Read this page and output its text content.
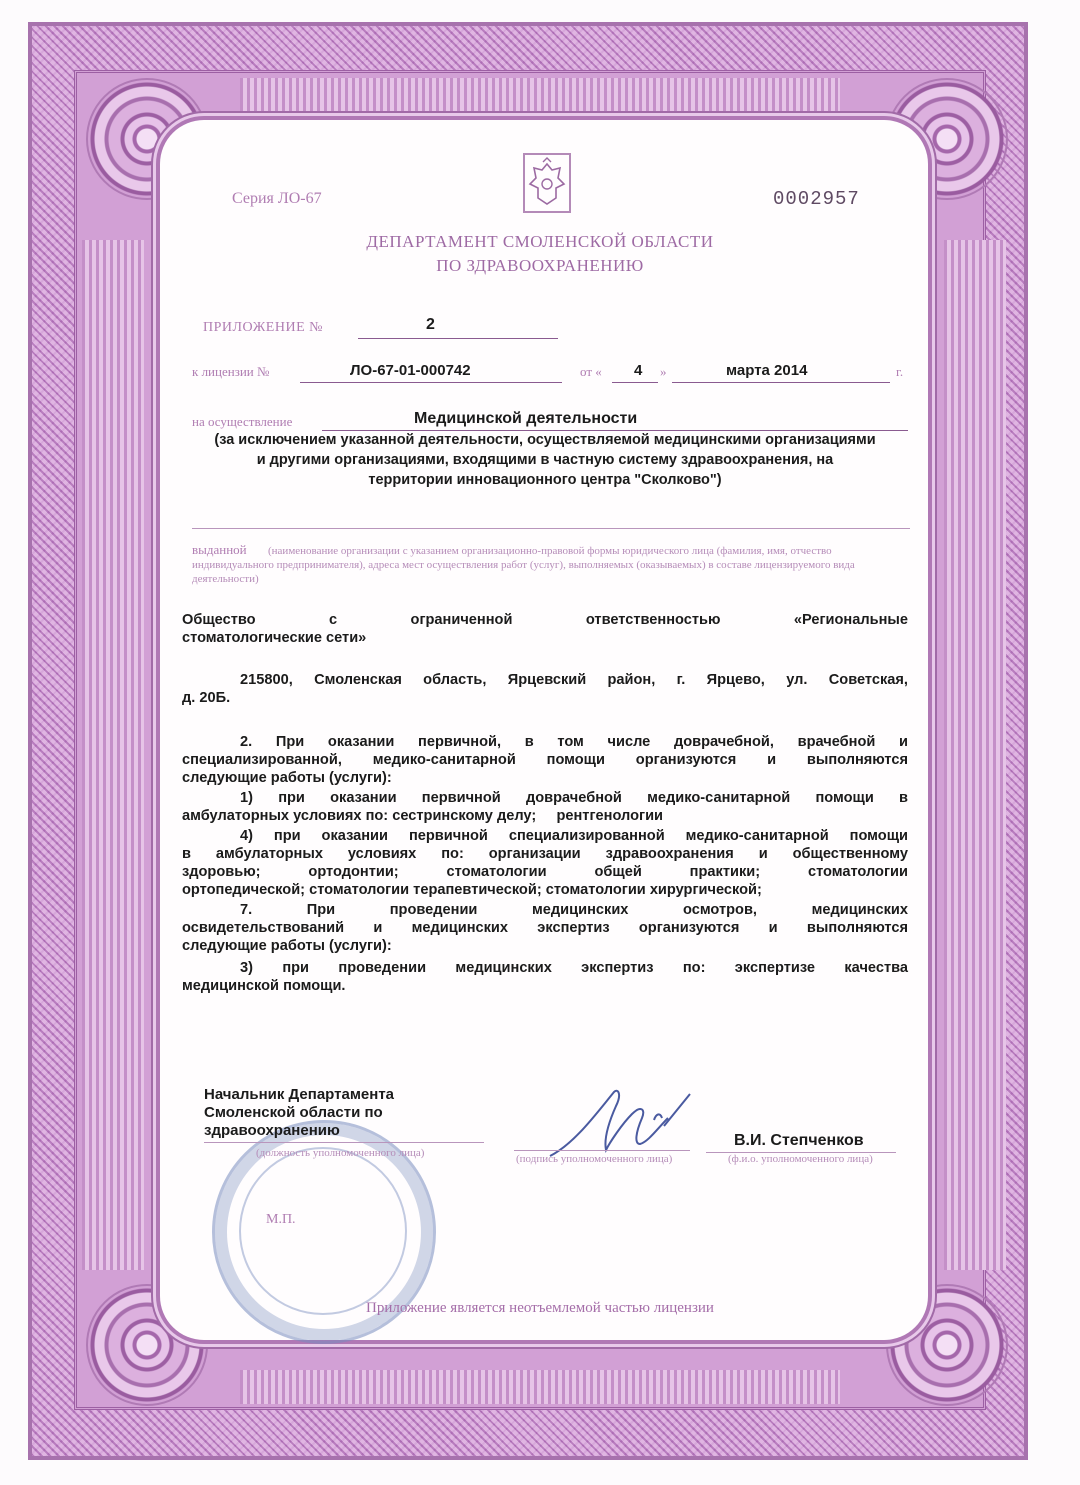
Серия ЛО-67	0002957
ДЕПАРТАМЕНТ СМОЛЕНСКОЙ ОБЛАСТИ
ПО ЗДРАВООХРАНЕНИЮ
ПРИЛОЖЕНИЕ №	2
к лицензии №	ЛО-67-01-000742	от « 4 »	марта 2014	г.
на осуществление	Медицинской деятельности
(за исключением указанной деятельности, осуществляемой медицинскими организациями
и другими организациями, входящими в частную систему здравоохранения, на
территории инновационного центра "Сколково")
выданной (наименование организации с указанием организационно-правовой формы юридического лица (фамилия, имя, отчество
индивидуального предпринимателя), адреса мест осуществления работ (услуг), выполняемых (оказываемых) в составе лицензируемого вида
деятельности)
Общество с ограниченной ответственностью «Региональные
стоматологические сети»
215800, Смоленская область, Ярцевский район, г. Ярцево, ул. Советская,
д. 20Б.
2. При оказании первичной, в том числе доврачебной, врачебной и
специализированной, медико-санитарной помощи организуются и выполняются
следующие работы (услуги):
1) при оказании первичной доврачебной медико-санитарной помощи в
амбулаторных условиях по: сестринскому делу;     рентгенологии
4) при оказании первичной специализированной медико-санитарной помощи
в амбулаторных условиях по: организации здравоохранения и общественному
здоровью; ортодонтии; стоматологии общей практики; стоматологии
ортопедической; стоматологии терапевтической; стоматологии хирургической;
7. При проведении медицинских осмотров, медицинских
освидетельствований и медицинских экспертиз организуются и выполняются
следующие работы (услуги):
3) при проведении медицинских экспертиз по: экспертизе качества
медицинской помощи.
М.П.
Начальник Департамента
Смоленской области по
здравоохранению
(должность уполномоченного лица)	(подпись уполномоченного лица)
В.И. Степченков
(ф.и.о. уполномоченного лица)
Приложение является неотъемлемой частью лицензии
